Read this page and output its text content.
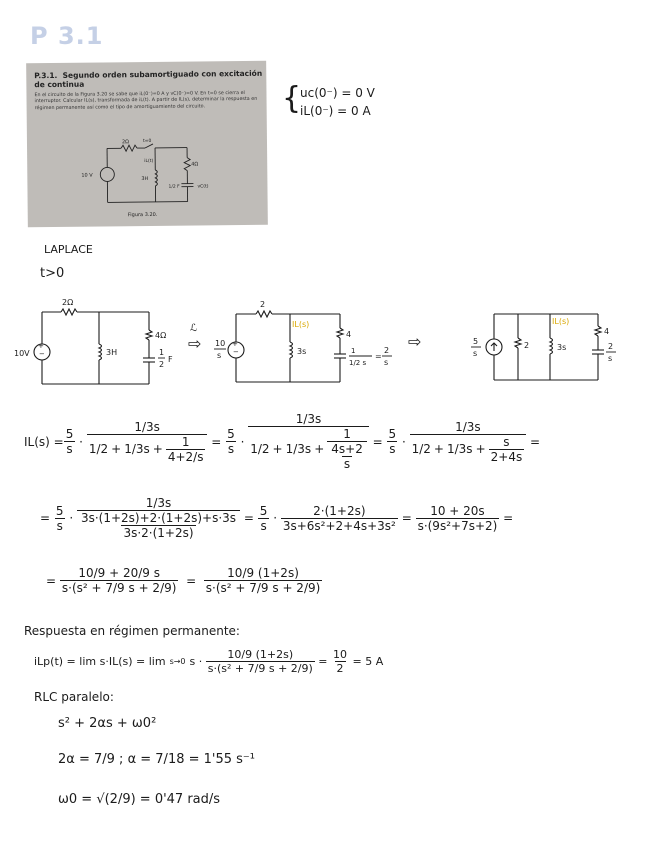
P 3.1
P.3.1. Segundo orden subamortiguado con excitación de continua
En el circuito de la Figura 3.20 se sabe que iL(0⁻)=0 A y vC(0⁻)=0 V. En t=0 se cierra el interruptor. Calcular IL(s), transformada de iL(t). A partir de IL(s), determinar la respuesta en régimen permanente así como el tipo de amortiguamiento del circuito.
2Ω	t=0
iL(t)	4Ω
10 V
3H
1/2 F	vC(t)
Figura 3.20.
{
uc(0⁻) = 0 V
iL(0⁻) = 0 A
LAPLACE
t>0
+
−
2Ω
10V	3H
4Ω
1
2
F
⇨
ℒ
+
−
2
10
s
IL(s)
3s
4
1
1/2 s
=
2
s
⇨	5
s
IL(s)
2	3s
4
2
s
$IL(s) = \frac{5}{s} \cdot \frac{1/3s}{1/2 + 1/3s + \frac{1}{4+2/s}} = \frac{5}{s} \cdot \frac{1/3s}{1/2 + 1/3s + \frac{1}{\frac{4s+2}{s}}} = \frac{5}{s} \cdot \frac{1/3s}{1/2 + 1/3s + \frac{s}{2+4s}}$ =
= $\frac{5}{s} \cdot \frac{1/3s}{\frac{3s\cdot(1+2s)+2\cdot(1+2s)+s\cdot 3s}{3s\cdot 2\cdot(1+2s)}} = \frac{5}{s} \cdot \frac{2\cdot(1+2s)}{\text{3s+6s²+2+4s+3s²}} = \frac{10 + 20s}{\text{s·(9s²+7s+2)}}$ =
= $\frac{10/9 + 20/9 s}{\text{s·(s² + 7/9 s + 2/9)}} = \frac{10/9 (1+2s)}{\text{s·(s² + 7/9 s + 2/9)}}$
Respuesta en régimen permanente:
iLp(t) = lim s·IL(s) = lim s→0 $s \cdot \frac{10/9 (1+2s)}{\text{s·(s² + 7/9 s + 2/9)}} = \frac{10}{2}$
= 5 A
RLC paralelo:
s² + 2αs + ω0²
2α = 7/9 ; α = 7/18 = 1'55 s⁻¹
ω0 = √(2/9) = 0'47 rad/s
